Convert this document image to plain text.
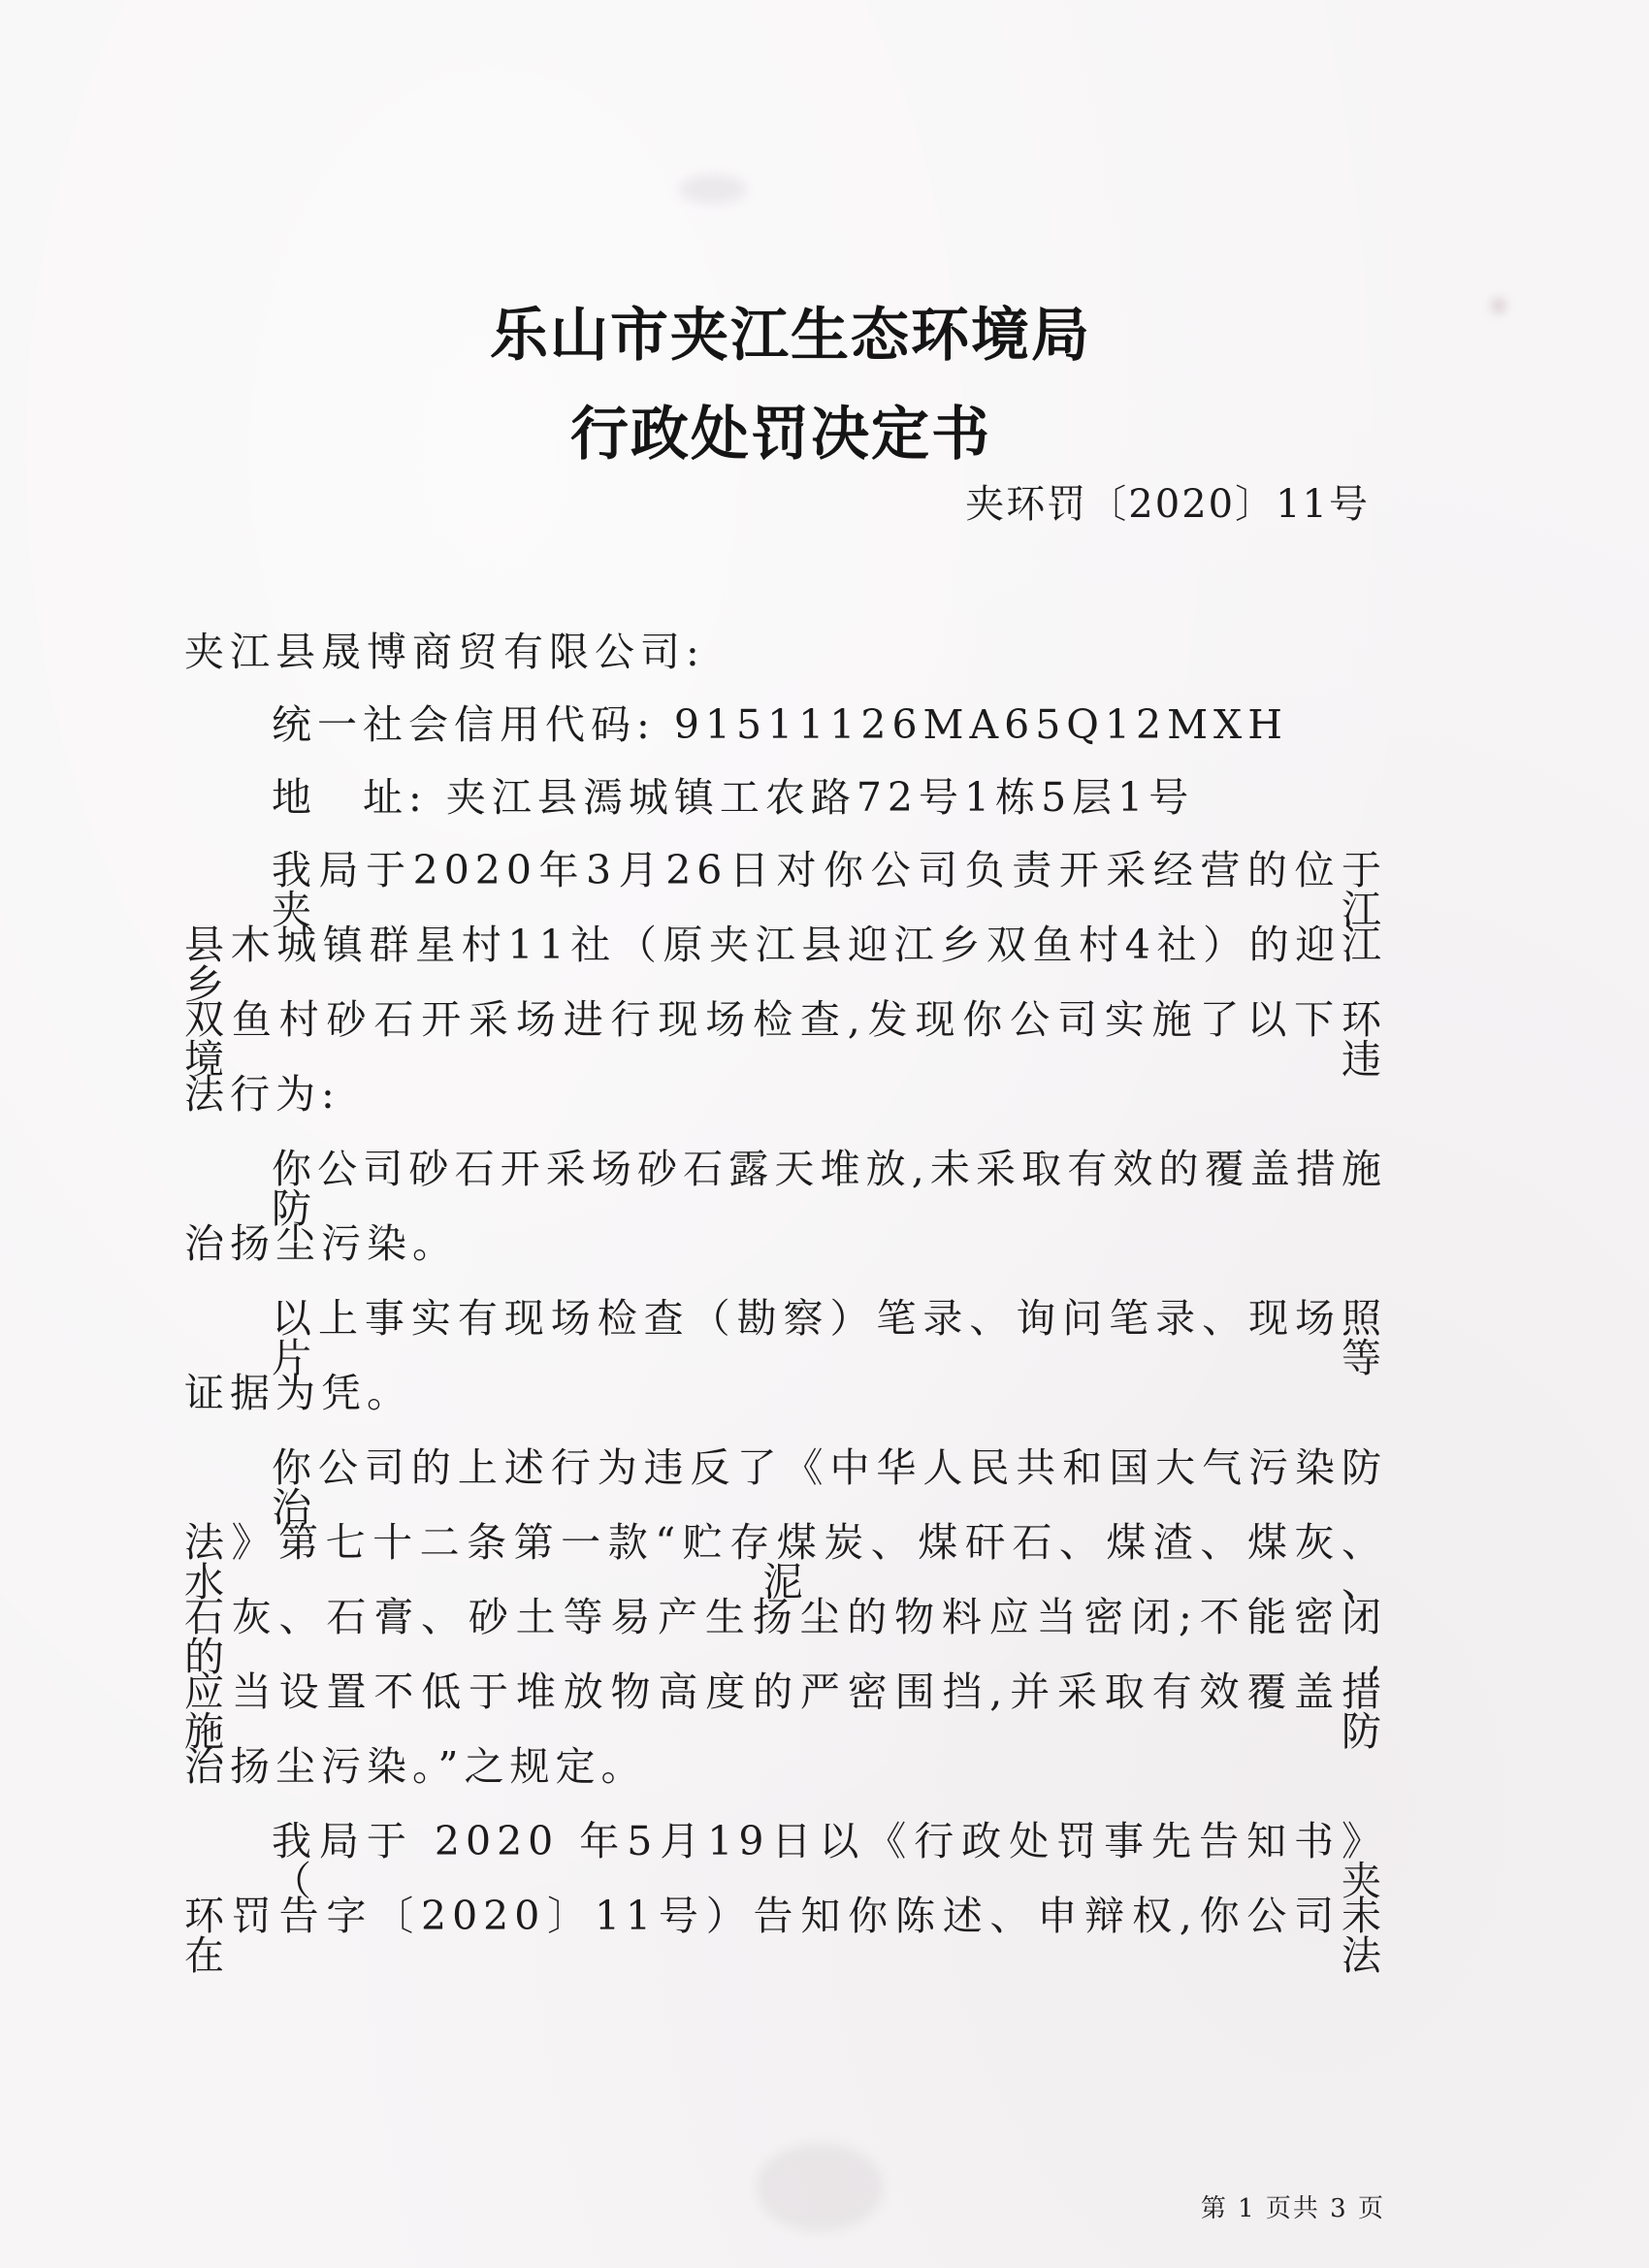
乐山市夹江生态环境局
行政处罚决定书
夹环罚〔2020〕11号
夹江县晟博商贸有限公司:
统一社会信用代码: 91511126MA65Q12MXH
地　址: 夹江县漹城镇工农路72号1栋5层1号
我局于2020年3月26日对你公司负责开采经营的位于夹江
县木城镇群星村11社（原夹江县迎江乡双鱼村4社）的迎江乡
双鱼村砂石开采场进行现场检查,发现你公司实施了以下环境违
法行为:
你公司砂石开采场砂石露天堆放,未采取有效的覆盖措施防
治扬尘污染。
以上事实有现场检查（勘察）笔录、询问笔录、现场照片等
证据为凭。
你公司的上述行为违反了《中华人民共和国大气污染防治
法》第七十二条第一款“贮存煤炭、煤矸石、煤渣、煤灰、水泥、
石灰、石膏、砂土等易产生扬尘的物料应当密闭;不能密闭的,
应当设置不低于堆放物高度的严密围挡,并采取有效覆盖措施防
治扬尘污染。”之规定。
我局于 2020 年5月19日以《行政处罚事先告知书》（夹
环罚告字〔2020〕11号）告知你陈述、申辩权,你公司未在法
第 1 页共 3 页
